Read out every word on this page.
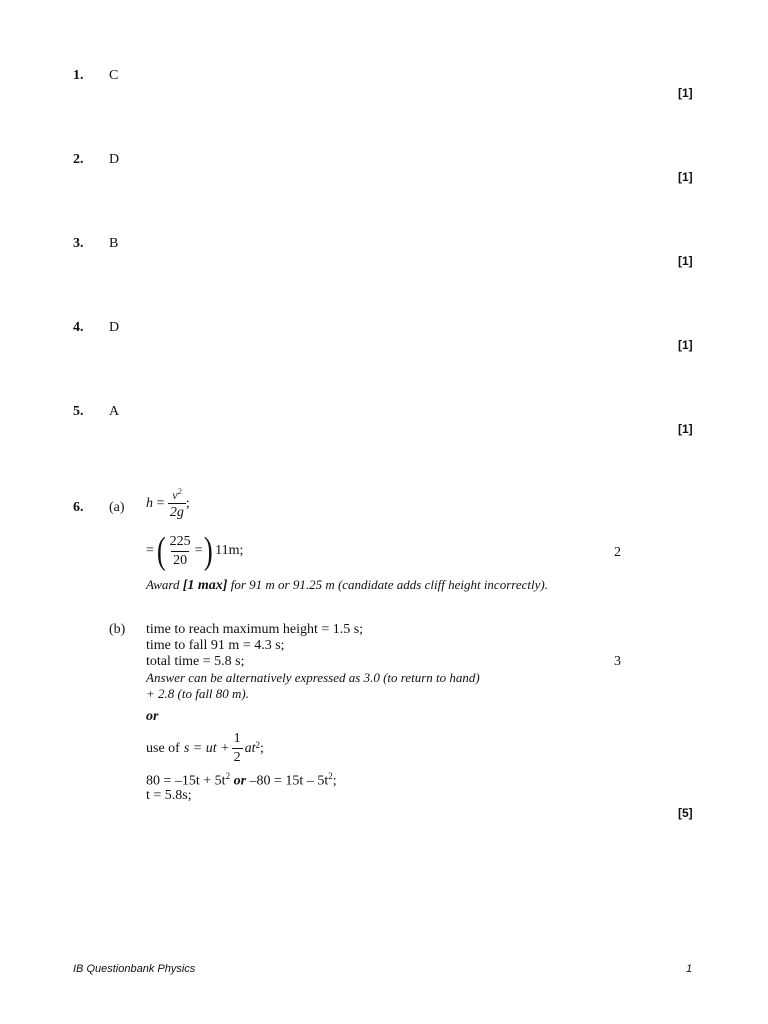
1. C
[1]
2. D
[1]
3. B
[1]
4. D
[1]
5. A
[1]
6. (a) $h = \frac{v^2}{2g}$ ;
= ( $\frac{225}{20}$ = ) 11m;	2
Award [1 max] for 91 m or 91.25 m (candidate adds cliff height incorrectly).
(b) time to reach maximum height = 1.5 s;
time to fall 91 m = 4.3 s;
total time = 5.8 s;	3
Answer can be alternatively expressed as 3.0 (to return to hand)
+ 2.8 (to fall 80 m).
or
use of s = ut + $\frac{1}{2} at^2$ ;
$80 = -15t + 5t^2$ or $-80 = 15t - 5t^2$;
t = 5.8s;
[5]
IB Questionbank Physics	1
